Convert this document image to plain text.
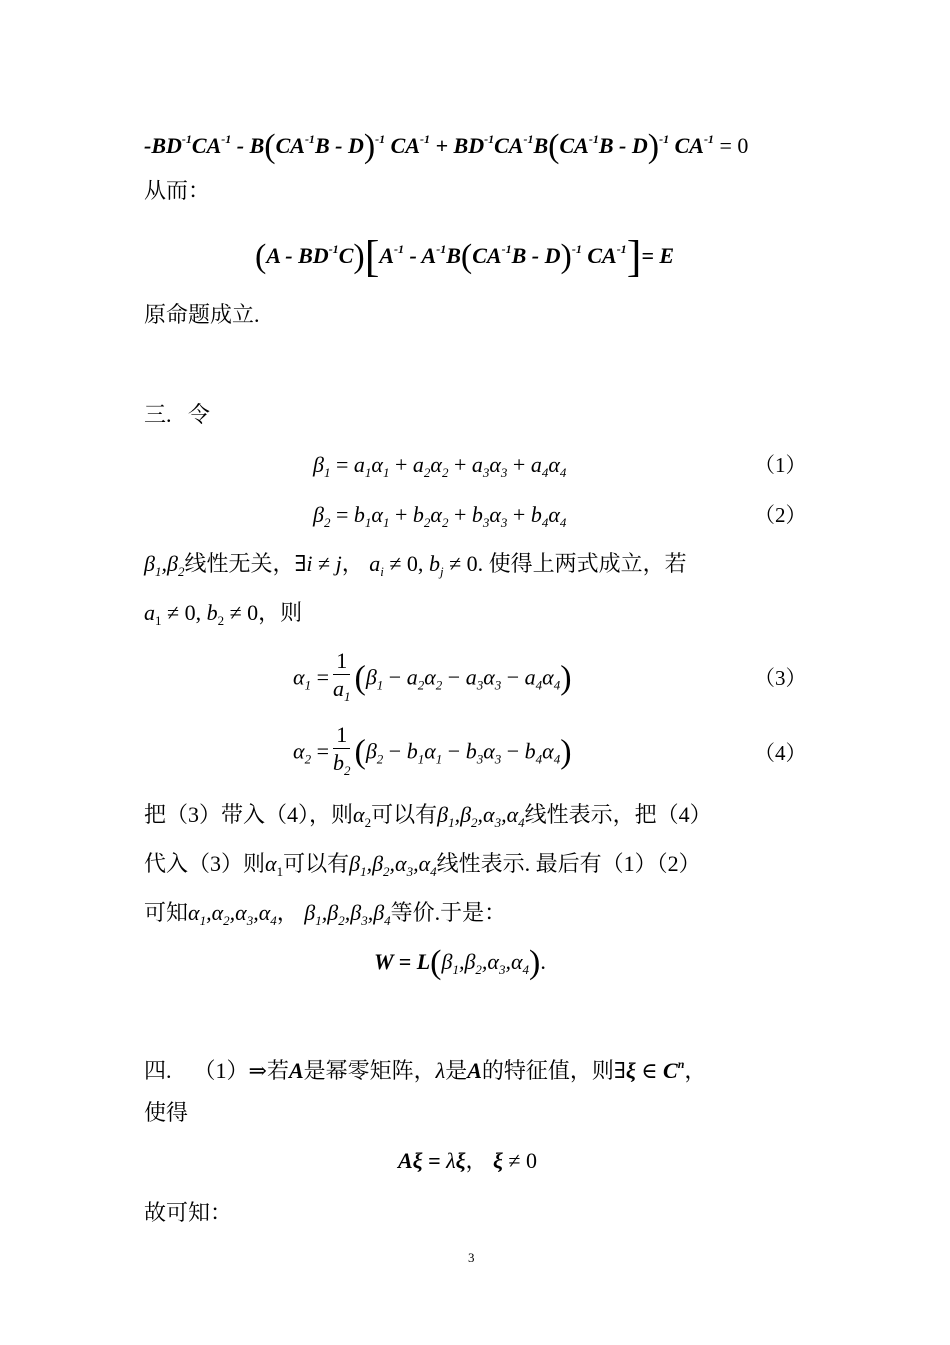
$-BD^{-1}CA^{-1} - B(CA^{-1}B - D)^{-1}$ $CA^{-1} + BD^{-1}CA^{-1}B(CA^{-1}B - D)^{-1}$ $CA^{-1} = 0$
从而：
$(A - BD^{-1}C)[A^{-1} - A^{-1}B(CA^{-1}B - D)^{-1}$ $CA^{-1}]= E$
原命题成立.
三. 令
$\beta_1 = a_1\alpha_1 + a_2\alpha_2 + a_3\alpha_3 + a_4\alpha_4$	（1）
$\beta_2 = b_1\alpha_1 + b_2\alpha_2 + b_3\alpha_3 + b_4\alpha_4$	（2）
$\beta_1,\beta_2$线性无关，∃i ≠ j， $a_i \ne 0$, $b_j \ne 0$. 使得上两式成立，若
$a_1 \ne 0$, $b_2 \ne 0$，则
$\alpha_1 = \frac{1}{a_1} (\beta_1 - a_2\alpha_2 - a_3\alpha_3 - a_4\alpha_4)$	（3）
$\alpha_2 = \frac{1}{b_2} (\beta_2 - b_1\alpha_1 - b_3\alpha_3 - b_4\alpha_4)$	（4）
把（3）带入（4），则$\alpha_2$可以有$\beta_1,\beta_2,\alpha_3,\alpha_4$线性表示，把（4）
代入（3）则$\alpha_1$可以有$\beta_1,\beta_2,\alpha_3,\alpha_4$线性表示. 最后有（1）（2）
可知$\alpha_1,\alpha_2,\alpha_3,\alpha_4$， $\beta_1,\beta_2,\beta_3,\beta_4$等价.于是：
$W = L(\beta_1,\beta_2,\alpha_3,\alpha_4)$.
四. （1）⇒若A是幂零矩阵，λ是A的特征值，则∃ξ ∈ $C^n$，
使得
Aξ = λξ， ξ ≠ 0
故可知：
3
